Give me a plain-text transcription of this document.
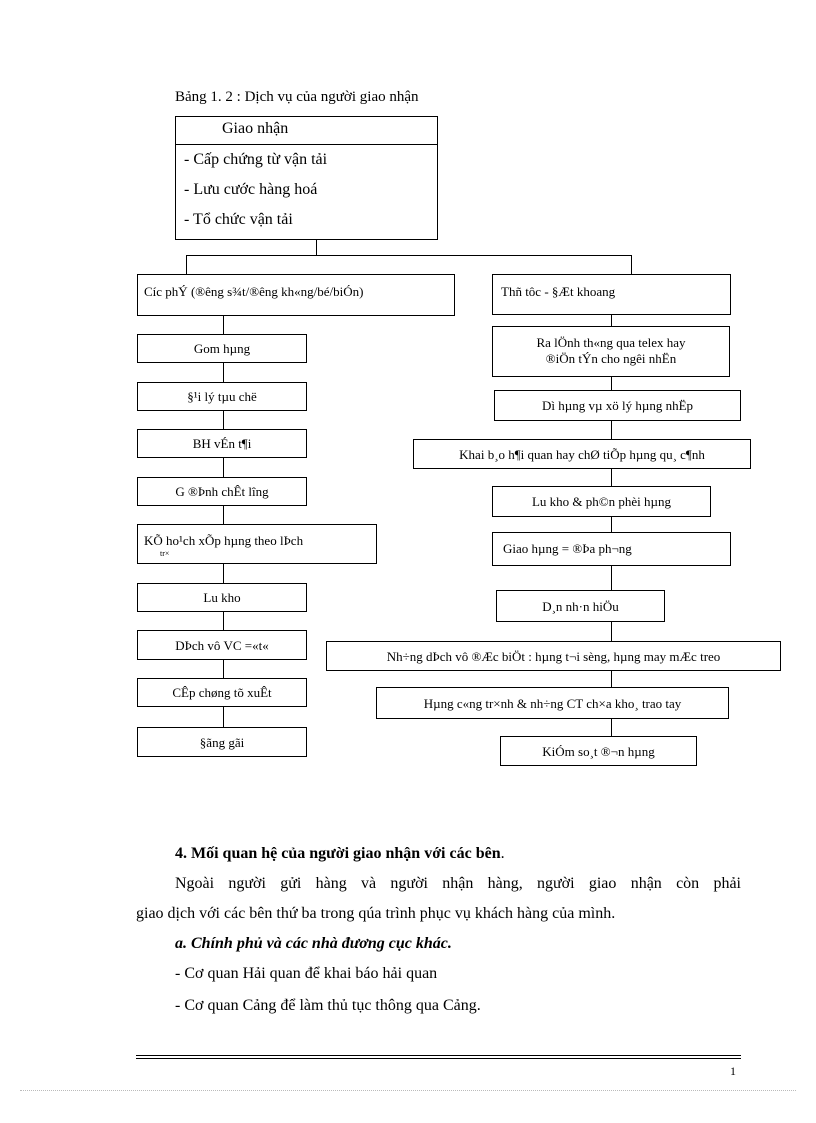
Bảng 1. 2 : Dịch vụ của người giao nhận
Giao nhận
- Cấp chứng từ vận tải
- Lưu cước hàng hoá
- Tổ chức vận tải
Cíc phÝ (®êng s¾t/®êng kh«ng/bé/biÓn)
Gom hµng
§¹i lý tµu chë
BH vÉn t¶i
G ®Þnh chÊt lîng
KÕ ho¹ch xÕp hµng theo lÞch
tr×
Lu kho
DÞch vô VC =«t«
CÊp chøng tõ xuÊt
§ãng gãi
Thñ tôc - §Æt khoang
Ra lÖnh th«ng qua telex hay
®iÖn tÝn cho ngêi nhËn
Dì hµng vµ xö lý hµng nhËp
Khai b¸o h¶i quan hay chØ tiÕp hµng qu¸ c¶nh
Lu kho & ph©n phèi hµng
Giao hµng = ®Þa ph¬ng
D¸n nh·n hiÖu
Nh÷ng dÞch vô ®Æc biÖt : hµng t¬i sèng, hµng may mÆc treo
Hµng c«ng tr×nh & nh÷ng CT ch×a kho¸ trao tay
KiÓm so¸t ®¬n hµng
4. Mối quan hệ của người giao nhận với các bên.
Ngoài người gửi hàng và người nhận hàng, người giao nhận còn phải
giao dịch với các bên thứ ba trong qúa trình phục vụ khách hàng của mình.
a. Chính phủ và các nhà đương cục khác.
- Cơ quan Hải quan để khai báo hải quan
- Cơ quan Cảng để làm thủ tục thông qua Cảng.
1
